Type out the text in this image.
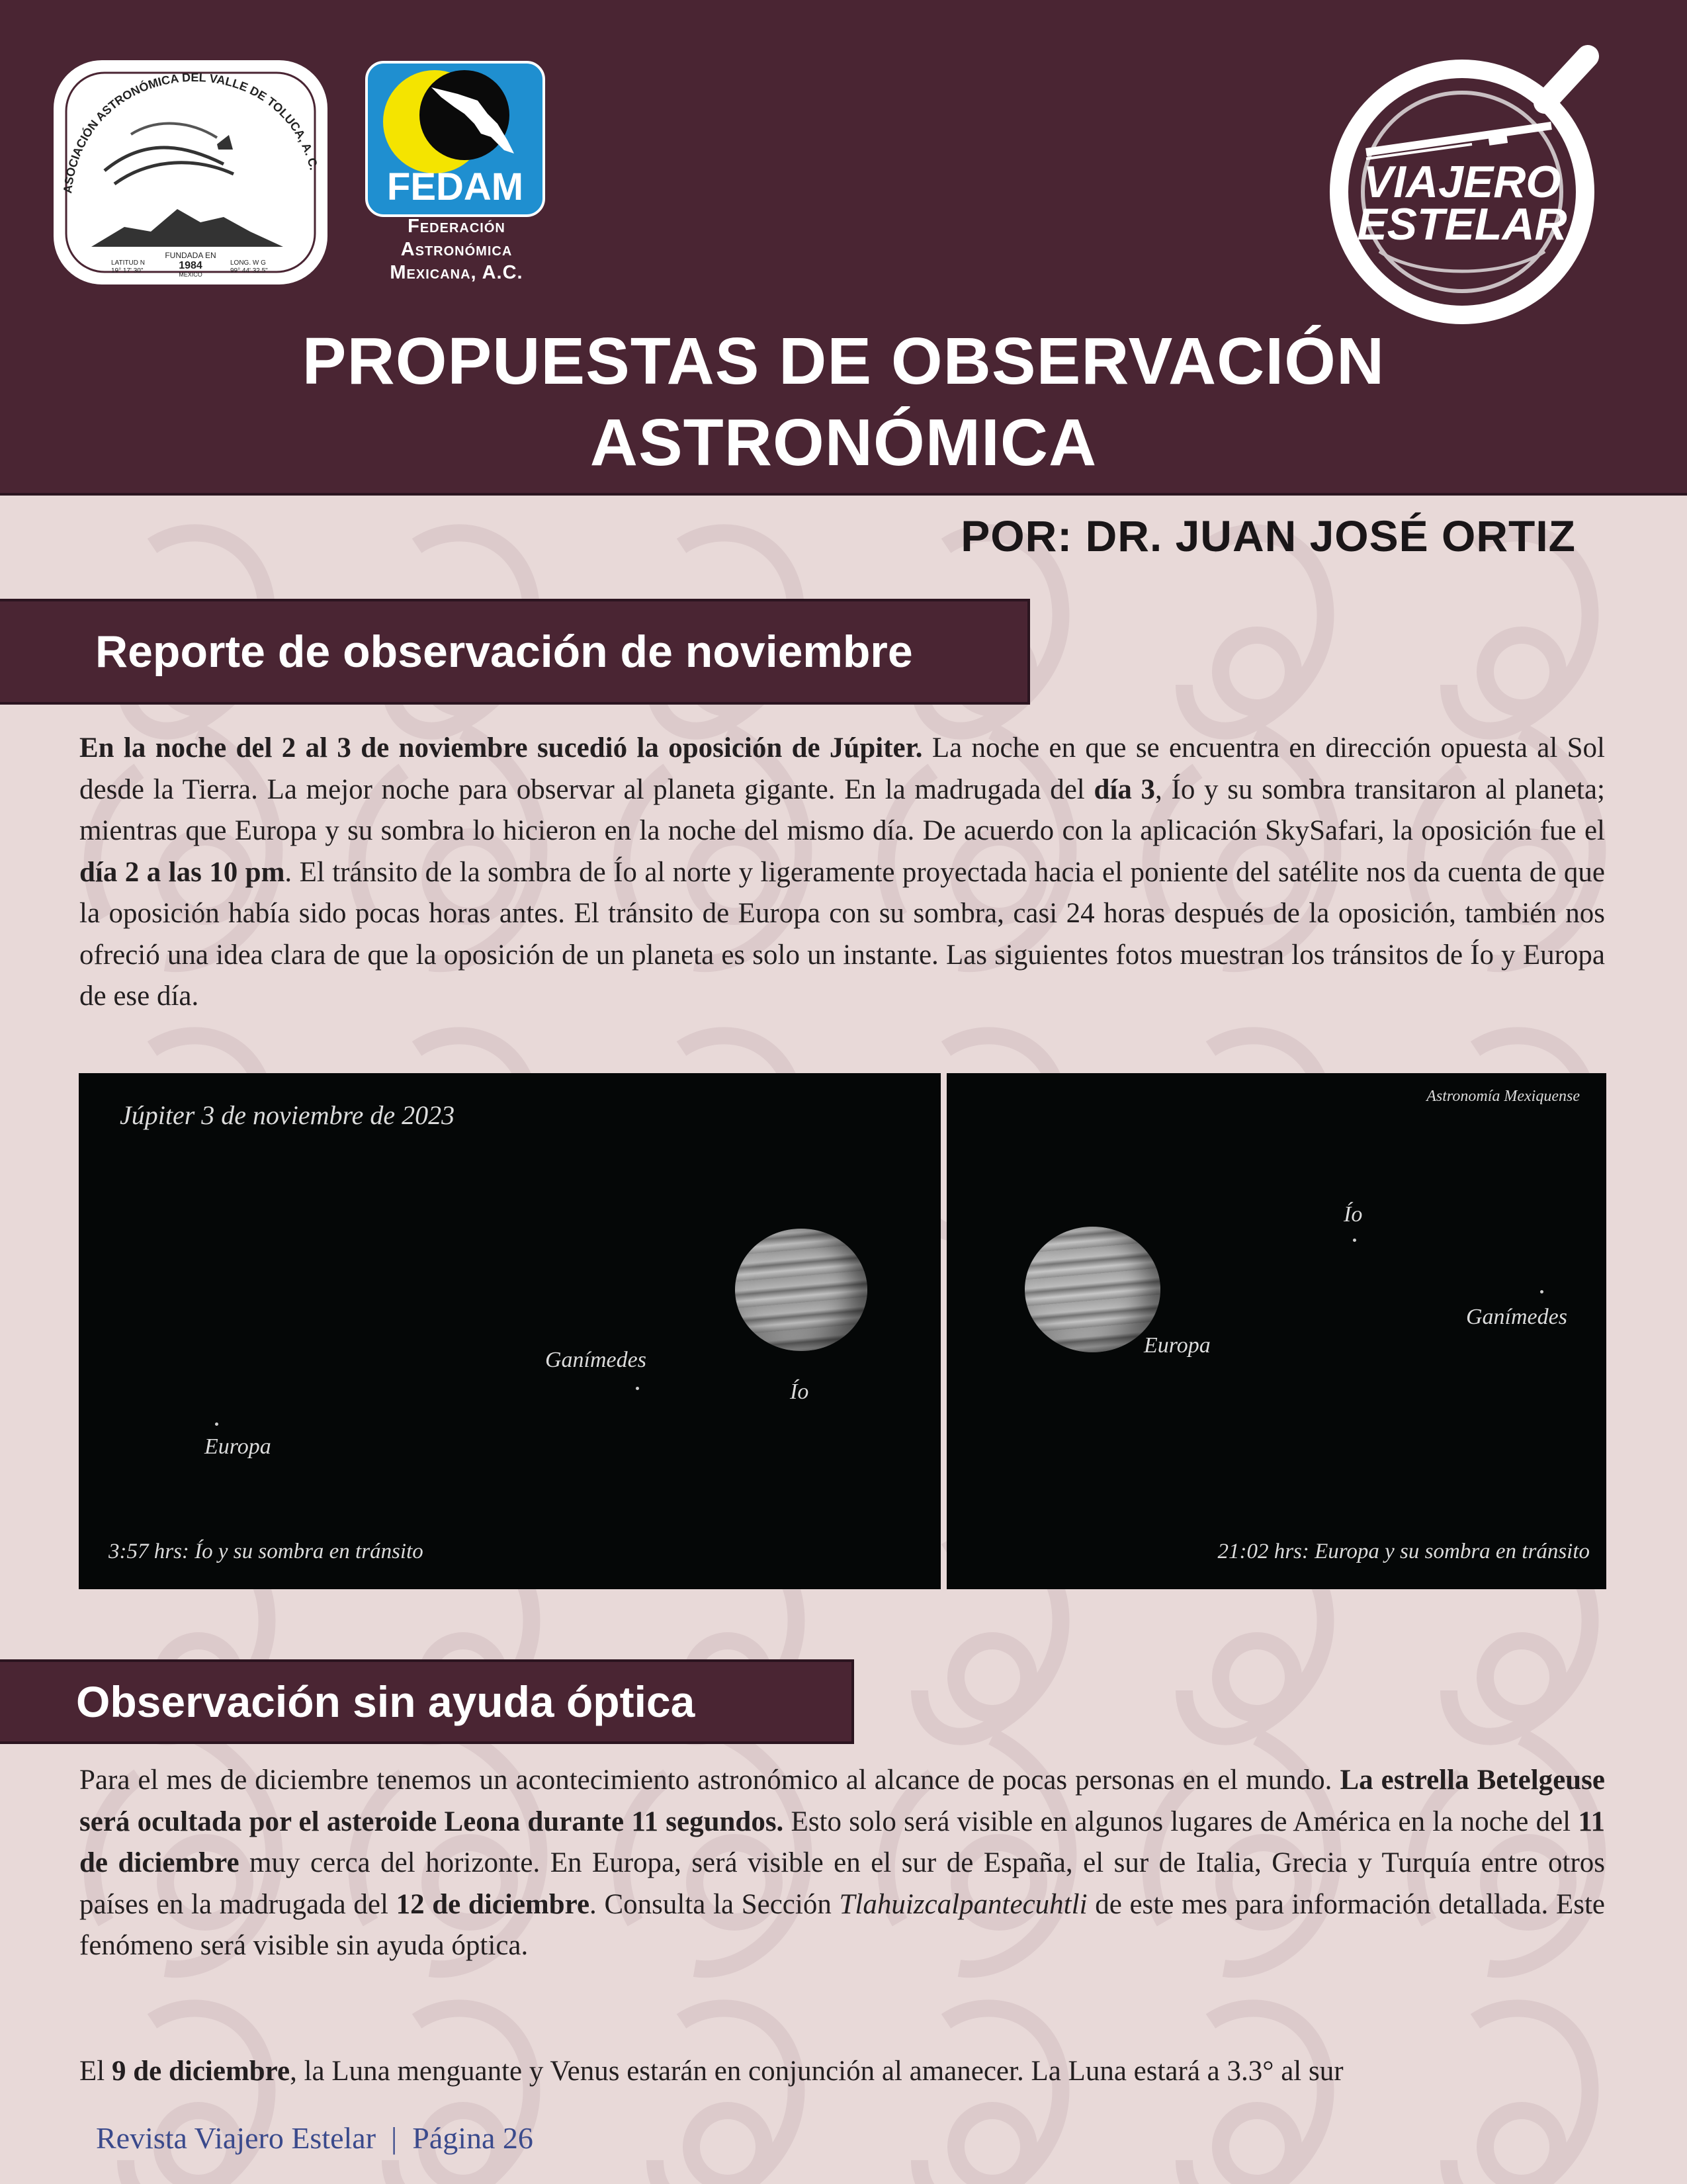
ASOCIACIÓN ASTRONÓMICA DEL VALLE DE TOLUCA, A. C.
FUNDADA EN
1984
LATITUD N
19° 17' 30"	MÉXICO
LONG. W G
99° 44' 32.5"
FEDAM
Federación
Astronómica
Mexicana, A.C.
VIAJERO
ESTELAR
PROPUESTAS DE OBSERVACIÓN
ASTRONÓMICA
POR: DR. JUAN JOSÉ ORTIZ
Reporte de observación de noviembre
En la noche del 2 al 3 de noviembre sucedió la oposición de Júpiter. La noche en que se encuentra en dirección opuesta al Sol desde la Tierra. La mejor noche para observar al planeta gigante. En la madrugada del día 3, Ío y su sombra transitaron al planeta; mientras que Europa y su sombra lo hicieron en la noche del mismo día. De acuerdo con la aplicación SkySafari, la oposición fue el día 2 a las 10 pm. El tránsito de la sombra de Ío al norte y ligeramente proyectada hacia el poniente del satélite nos da cuenta de que la oposición había sido pocas horas antes. El tránsito de Europa con su sombra, casi 24 horas después de la oposición, también nos ofreció una idea clara de que la oposición de un planeta es solo un instante. Las siguientes fotos muestran los tránsitos de Ío y Europa de ese día.
Júpiter 3 de noviembre de 2023
Ganímedes
Ío
Europa
3:57 hrs: Ío y su sombra en tránsito
Astronomía Mexiquense
Ío
Ganímedes
Europa
21:02 hrs: Europa y su sombra en tránsito
Observación sin ayuda óptica
Para el mes de diciembre tenemos un acontecimiento astronómico al alcance de pocas personas en el mundo. La estrella Betelgeuse será ocultada por el asteroide Leona durante 11 segundos. Esto solo será visible en algunos lugares de América en la noche del 11 de diciembre muy cerca del horizonte. En Europa, será visible en el sur de España, el sur de Italia, Grecia y Turquía entre otros países en la madrugada del 12 de diciembre. Consulta la Sección Tlahuizcalpantecuhtli de este mes para información detallada. Este fenómeno será visible sin ayuda óptica.
El 9 de diciembre, la Luna menguante y Venus estarán en conjunción al amanecer. La Luna estará a 3.3° al sur
Revista Viajero Estelar  |  Página 26
